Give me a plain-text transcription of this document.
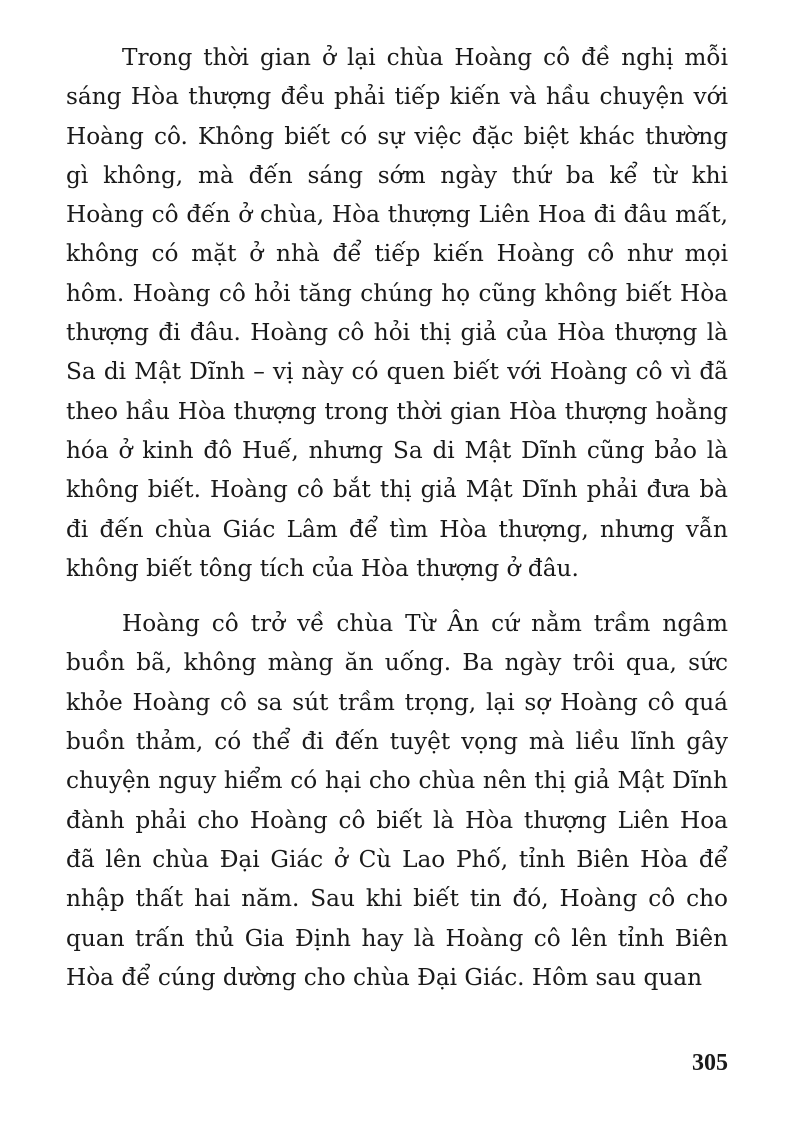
Trong thời gian ở lại chùa Hoàng cô đề nghị mỗi sáng Hòa thượng đều phải tiếp kiến và hầu chuyện với Hoàng cô. Không biết có sự việc đặc biệt khác thường gì không, mà đến sáng sớm ngày thứ ba kể từ khi Hoàng cô đến ở chùa, Hòa thượng Liên Hoa đi đâu mất, không có mặt ở nhà để tiếp kiến Hoàng cô như mọi hôm. Hoàng cô hỏi tăng chúng họ cũng không biết Hòa thượng đi đâu. Hoàng cô hỏi thị giả của Hòa thượng là Sa di Mật Dĩnh – vị này có quen biết với Hoàng cô vì đã theo hầu Hòa thượng trong thời gian Hòa thượng hoằng hóa ở kinh đô Huế, nhưng Sa di Mật Dĩnh cũng bảo là không biết. Hoàng cô bắt thị giả Mật Dĩnh phải đưa bà đi đến chùa Giác Lâm để tìm Hòa thượng, nhưng vẫn không biết tông tích của Hòa thượng ở đâu.

Hoàng cô trở về chùa Từ Ân cứ nằm trầm ngâm buồn bã, không màng ăn uống. Ba ngày trôi qua, sức khỏe Hoàng cô sa sút trầm trọng, lại sợ Hoàng cô quá buồn thảm, có thể đi đến tuyệt vọng mà liều lĩnh gây chuyện nguy hiểm có hại cho chùa nên thị giả Mật Dĩnh đành phải cho Hoàng cô biết là Hòa thượng Liên Hoa đã lên chùa Đại Giác ở Cù Lao Phố, tỉnh Biên Hòa để nhập thất hai năm. Sau khi biết tin đó, Hoàng cô cho quan trấn thủ Gia Định hay là Hoàng cô lên tỉnh Biên Hòa để cúng dường cho chùa Đại Giác. Hôm sau quan

305
